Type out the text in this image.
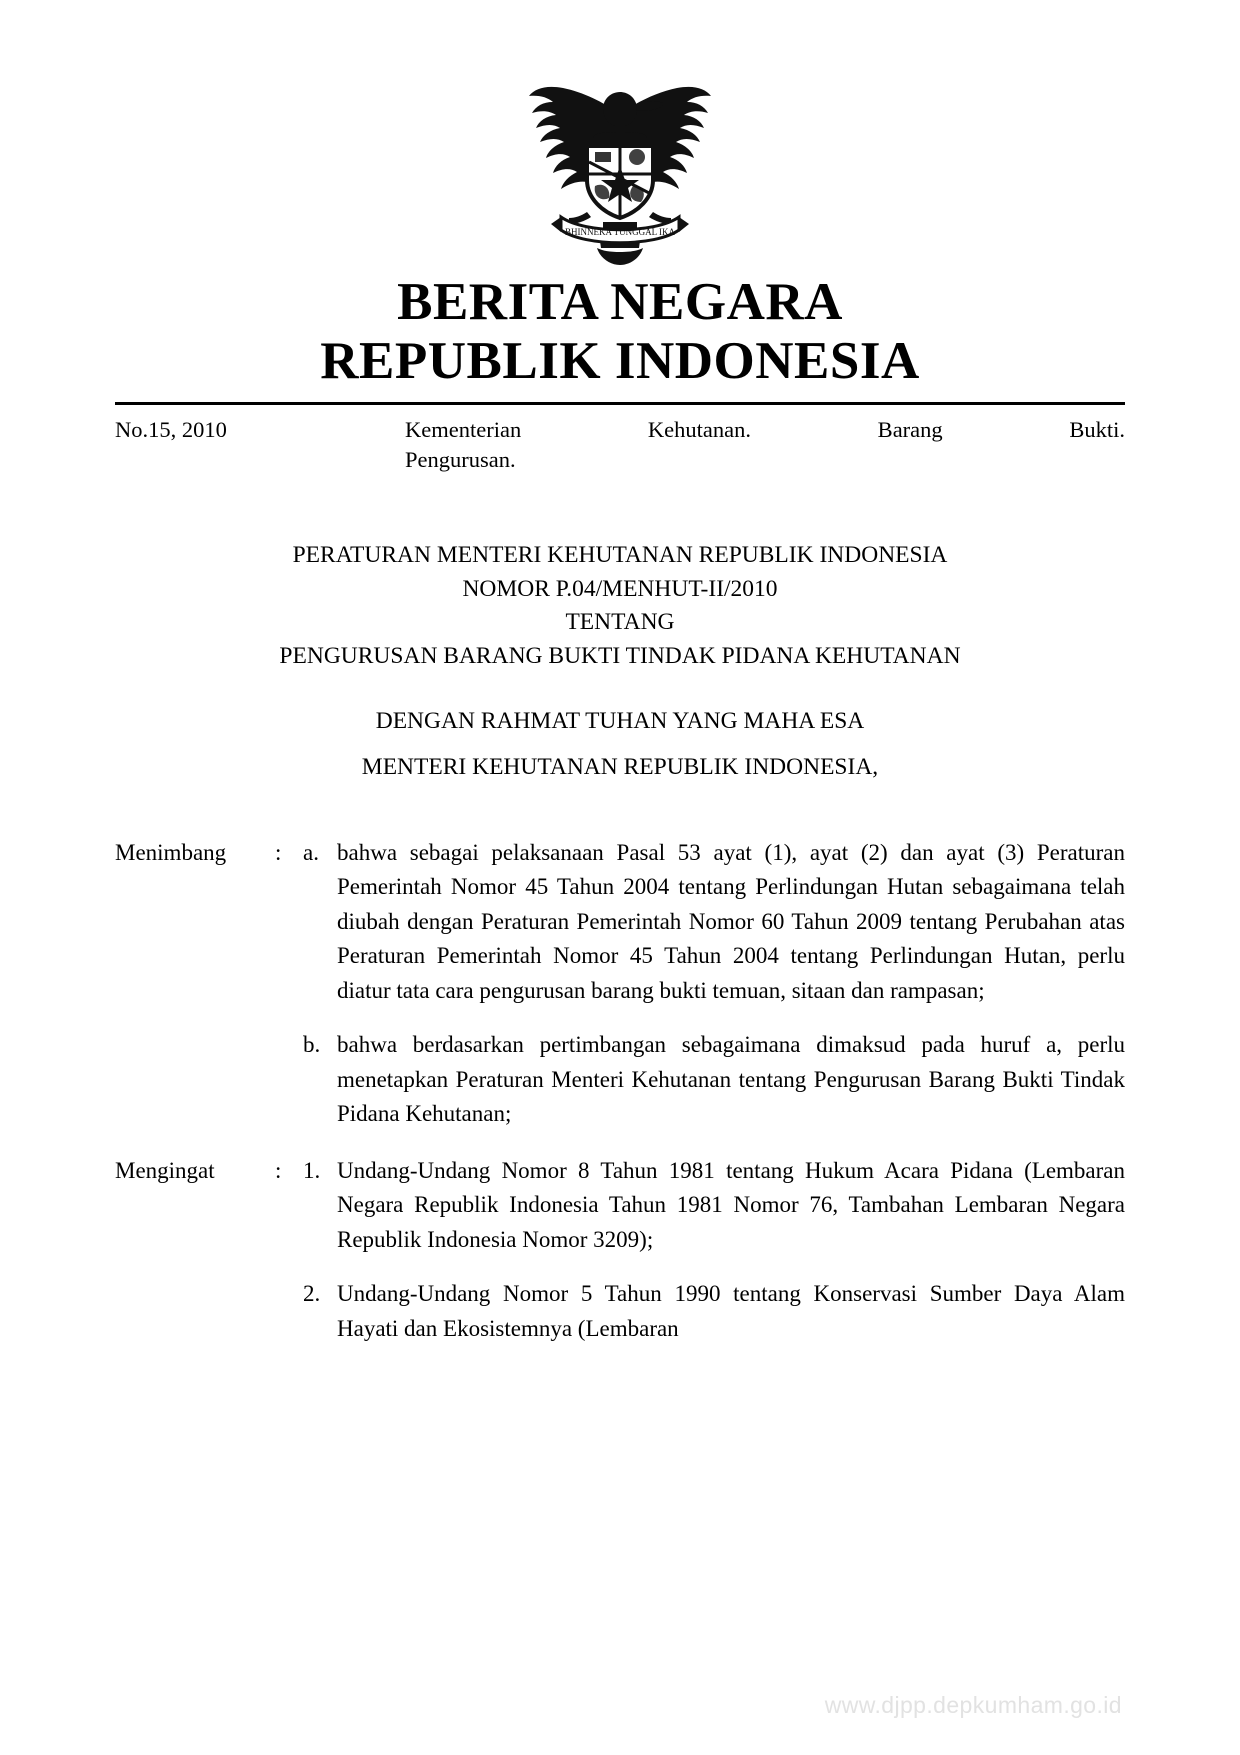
BHINNEKA TUNGGAL IKA
BERITA NEGARA
REPUBLIK INDONESIA
No.15, 2010	Kementerian Kehutanan. Barang Bukti.
Pengurusan.
PERATURAN MENTERI KEHUTANAN REPUBLIK INDONESIA
NOMOR P.04/MENHUT-II/2010
TENTANG
PENGURUSAN BARANG BUKTI TINDAK PIDANA KEHUTANAN
DENGAN RAHMAT TUHAN YANG MAHA ESA
MENTERI KEHUTANAN REPUBLIK INDONESIA,
Menimbang	: a. bahwa sebagai pelaksanaan Pasal 53 ayat (1), ayat (2) dan ayat (3) Peraturan Pemerintah Nomor 45 Tahun 2004 tentang Perlindungan Hutan sebagaimana telah diubah dengan Peraturan Pemerintah Nomor 60 Tahun 2009 tentang Perubahan atas Peraturan Pemerintah Nomor 45 Tahun 2004 tentang Perlindungan Hutan, perlu diatur tata cara pengurusan barang bukti temuan, sitaan dan rampasan;
b. bahwa berdasarkan pertimbangan sebagaimana dimaksud pada huruf a, perlu menetapkan Peraturan Menteri Kehutanan tentang Pengurusan Barang Bukti Tindak Pidana Kehutanan;
Mengingat	: 1. Undang-Undang Nomor 8 Tahun 1981 tentang Hukum Acara Pidana (Lembaran Negara Republik Indonesia Tahun 1981 Nomor 76, Tambahan Lembaran Negara Republik Indonesia Nomor 3209);
2. Undang-Undang Nomor 5 Tahun 1990 tentang Konservasi Sumber Daya Alam Hayati dan Ekosistemnya (Lembaran
www.djpp.depkumham.go.id
